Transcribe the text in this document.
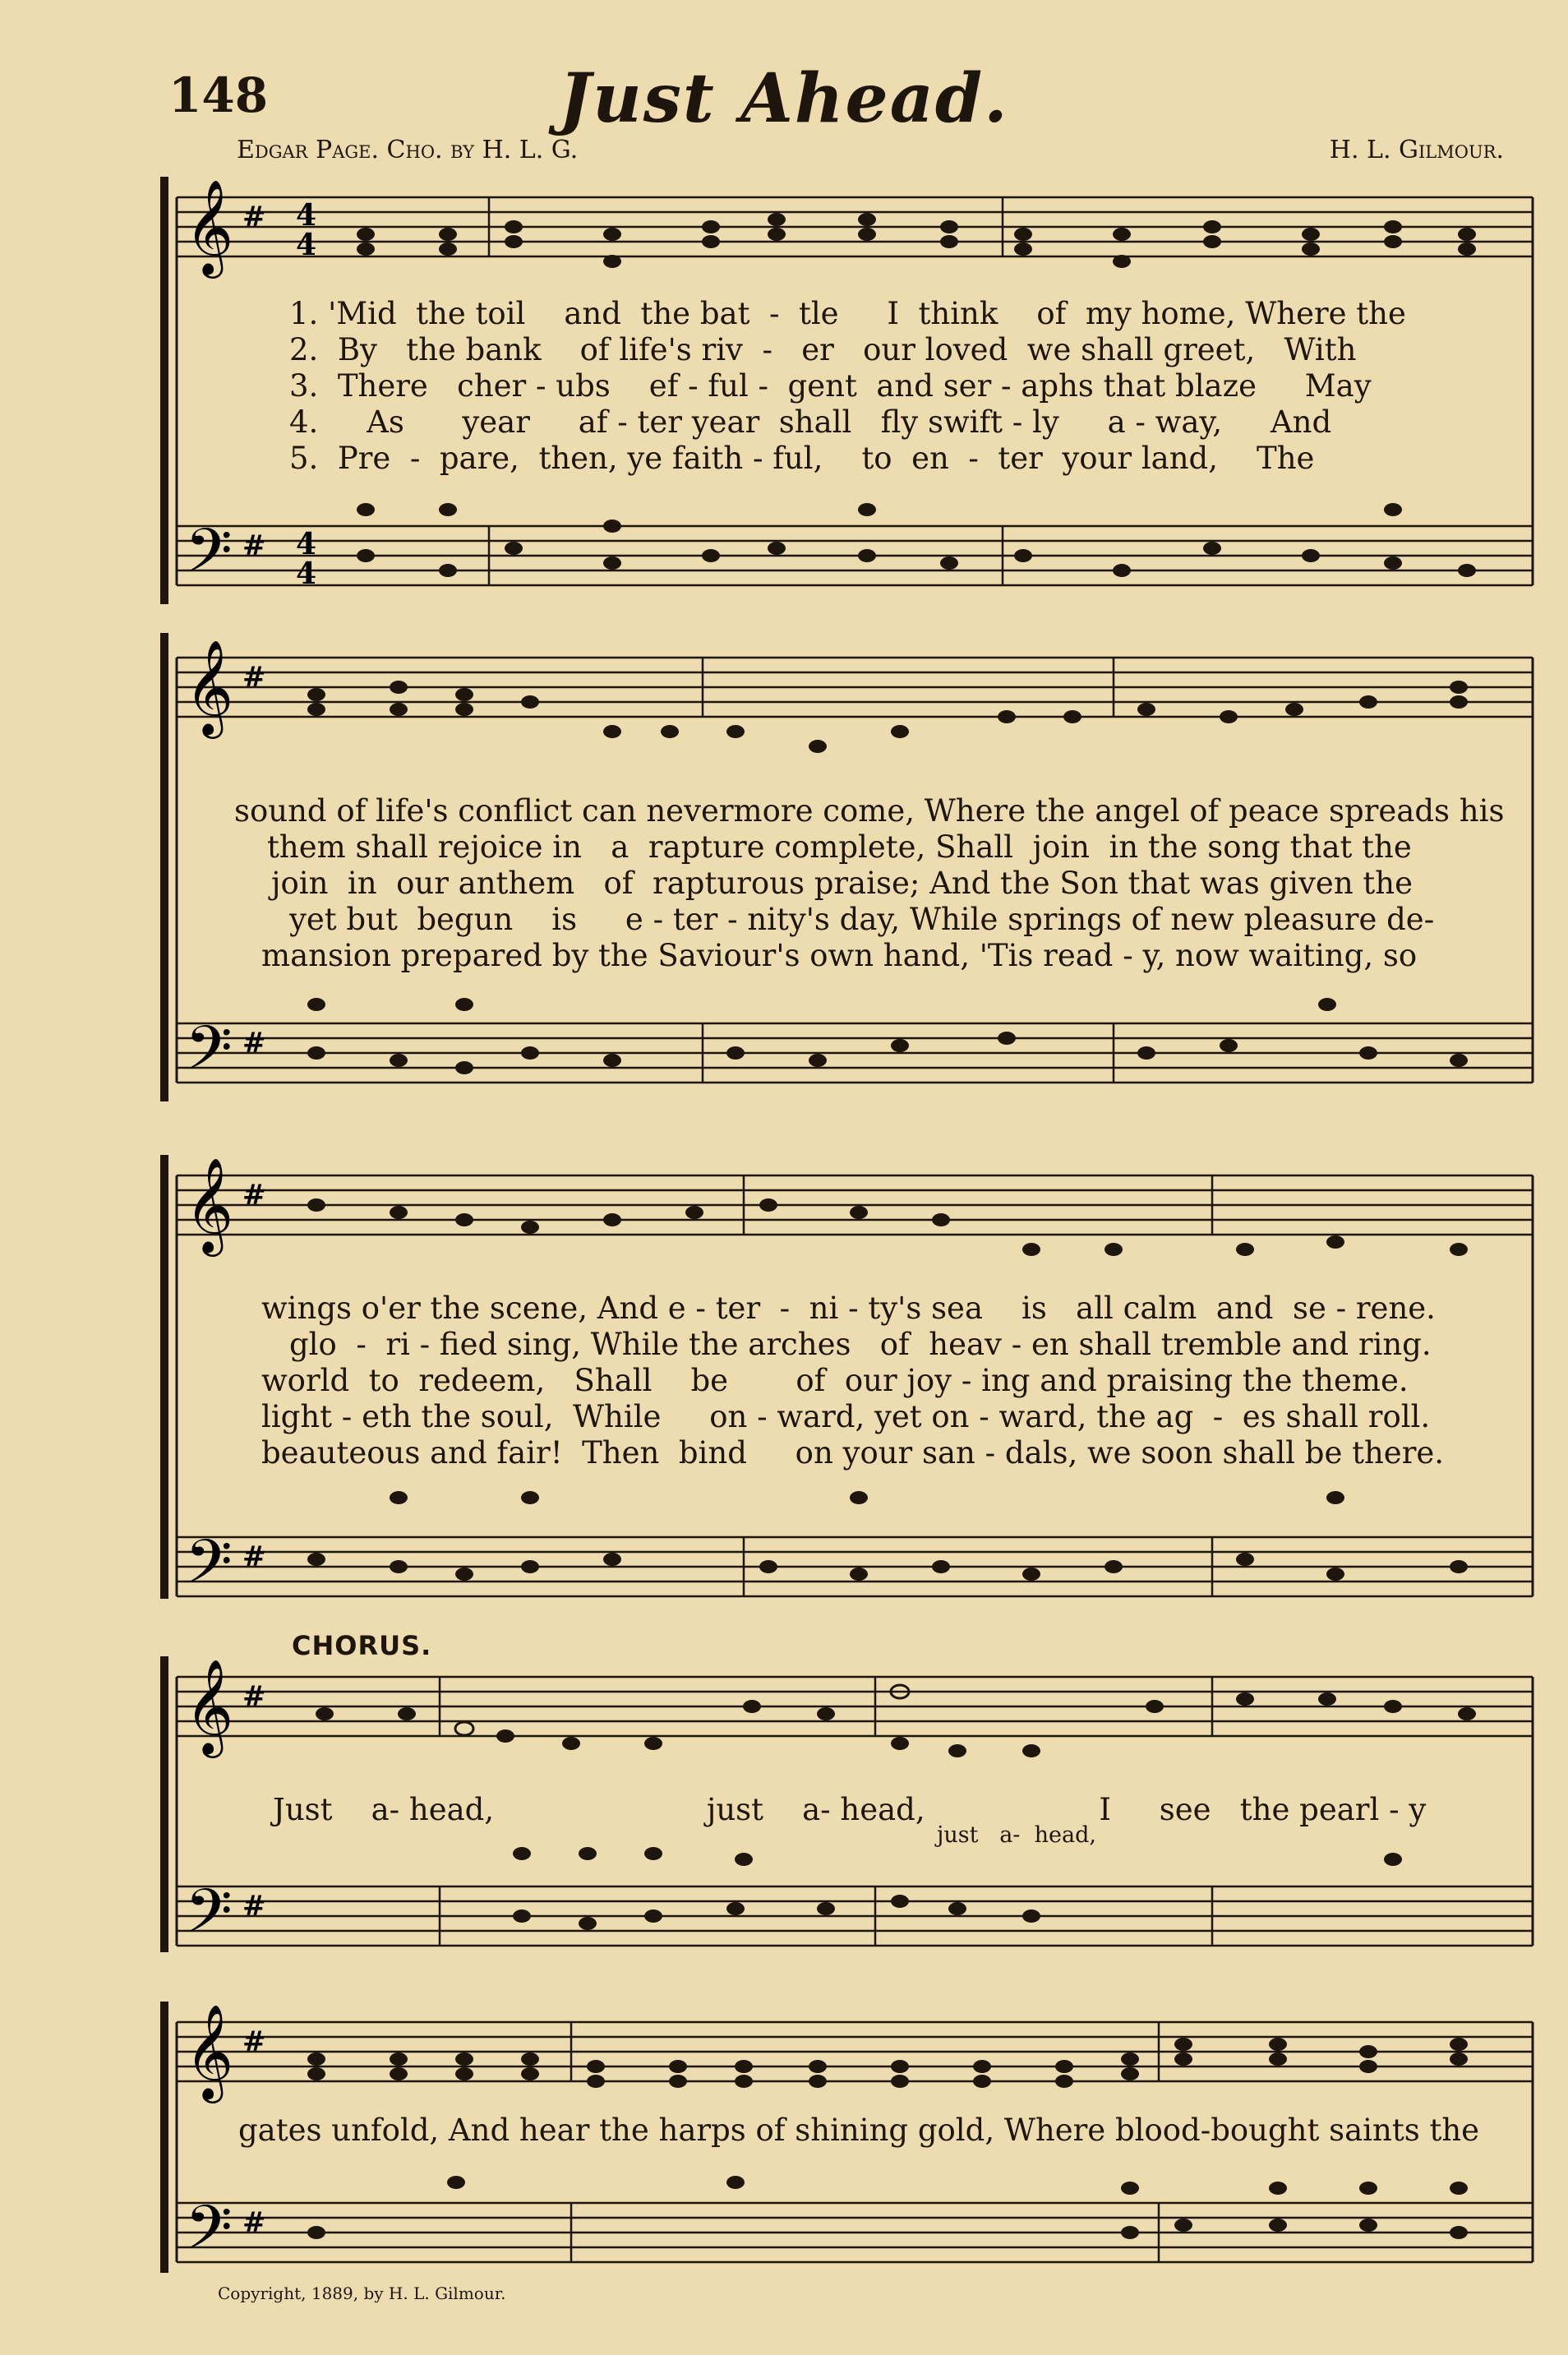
148	Just Ahead.
Edgar Page. Cho. by H. L. G.	H. L. Gilmour.
𝄞
𝄢
#
#
4
4
4
4
𝄞
𝄢
#
#
𝄞
𝄢
#
#
𝄞
𝄢
#
#
𝄞
𝄢
#
#
1. 'Mid  the toil    and  the bat  -  tle     I  think    of  my home, Where the
2.  By   the bank    of life's riv  -   er   our loved  we shall greet,   With
3.  There   cher - ubs    ef - ful -  gent  and ser - aphs that blaze     May
4.     As      year     af - ter year  shall   fly swift - ly     a - way,     And
5.  Pre  -  pare,  then, ye faith - ful,    to  en  -  ter  your land,    The
sound of life's conflict can nevermore come, Where the angel of peace spreads his
them shall rejoice in   a  rapture complete, Shall  join  in the song that the
join  in  our anthem   of  rapturous praise; And the Son that was given the
yet but  begun    is     e - ter - nity's day, While springs of new pleasure de-
mansion prepared by the Saviour's own hand, 'Tis read - y, now waiting, so
wings o'er the scene, And e - ter  -  ni - ty's sea    is   all calm  and  se - rene.
glo  -  ri - fied sing, While the arches   of  heav - en shall tremble and ring.
world  to  redeem,   Shall    be       of  our joy - ing and praising the theme.
light - eth the soul,  While     on - ward, yet on - ward, the ag  -  es shall roll.
beauteous and fair!  Then  bind     on your san - dals, we soon shall be there.
CHORUS.
Just    a- head,                      just    a- head,                  I     see   the pearl - y
just   a-  head,
gates unfold, And hear the harps of shining gold, Where blood-bought saints the
Copyright, 1889, by H. L. Gilmour.
